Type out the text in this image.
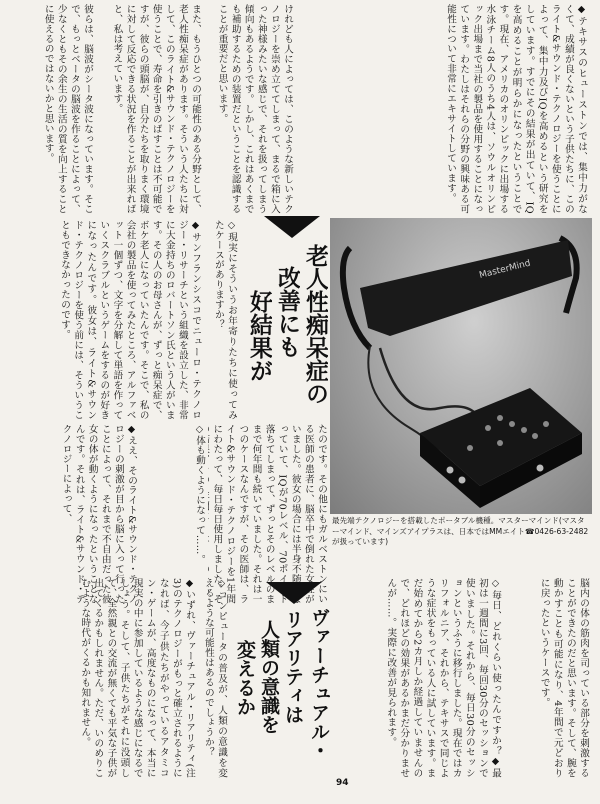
◆テキサスのヒューストンでは、集中力がなくて、成績が良くないという子供たちに、このライト&サウンド・テクノロジーを使うことによって、集中力及びIQを高めるという研究をしています。すでにその結果が出ていて、IQを高めることが明らかになったということです。現在、アメリカのオリンピックに出場する水泳チーム8人のうち4人は、ソウルオリンピック出場まで当社の製品を使用することになっています。わたしはそれらの分野の興味ある可能性について非常にエキサイトしています。
けれども人によっては、このような新しいテクノロジーを崇め立ててしまって、まるで箱に入った神様みたいな感じで、それを扱ってしまう傾向もあるようです。しかし、これはあくまでも補助するための装置だということを認識することが重要だと思います。
また、もうひとつの可能性のある分野として、老人性痴呆症があります。そういう人たちに対して、このライト&サウンド・テクノロジーを使うことで、寿命を引きのばすことは不可能ですが、彼らの頭脳が、自分たちを取りまく環境に対して反応できる状況を作ることが出来ればと、私は考えています。
彼らは、脳波がシータ波になっています。そこで、もっとベータの脳波を作ることによって、少なくともその余生の生活の質を向上することに使えるのではないかと思います。
老人性痴呆症の
改善にも
好結果が
◇現実にそういうお年寄りたちに使ってみたケースがありますか？
◆サンフランシスコでニューロ・テクノロジー・リサーチという組織を設立した、非常に大金持ちのロバートソン氏という人がいます。その人のお母さんが、ずっと痴呆症で、ボケ老人になっていたんです。そこで、私の会社の製品を使ってみたところ、アルファベット一個ずつ、文字を分解して単語を作っていくスクラブルというゲームをするのが好きになったんです。彼女は、ライト&サウンド・テクノロジーを使う前には、そういうこともできなかったのです。	MasterMind
最先端テクノロジーを搭載したポータブル機種。マスターマインド(マスターマインド、マインズアイプラスは、日本ではMMエイト☎0426-63-2482が扱っています)
たのです。その他にもガルベストンにいる医師の患者に、脳卒中で倒れた女性がいました。彼女の場合には半身不随になっていて、IQが70レベル、70ポイント落ちてしまって、ずっとそのレベルのままで何年間も続いていました。それは一つのケースなんですが、その医師は、ライト&サウンド・テクノロジーを1年間にわたって、毎日毎日使用しました。そ
◇体も動くようになって……。
◆ええ、そのライト&サウンド・テクノロジーの刺激が目から脳に入って行ったことによって、それまで不自由だった彼女の体が動くようになったということなんです。それは、ライト&サウンド・テクノロジーによって、
脳内の体の筋肉を司っている部分を刺激することができたのだと思います。そして、腕を動かすことも可能になり、4年間で元どおりに戻ったというケースです。
◇毎日、どれくらい使ったんですか？◆最初は一週間に3回、毎回30分のセッションで使いました。それから、毎日30分のセッションというふうに移行しました。現在ではカリフォルニア、それから、テキサスで同じような症状をもっている人に試しています。まだ始めてから2カ月しか経過していませんので、どれほどの効果があるかまだ分かりませんが……。実際に改善が見られます。
ヴァーチュアル・
リアリティは
人類の意識を
変えるか
◇コンピュータの普及が、人類の意識を変えるような可能性はあるのでしょうか？
◆いずれ、ヴァーチュアル・リアリティ(注3)のテクノロジーがもっと確立されるようになれば、今子供たちがやっているアタミコン・ゲームが、高度なものになって、本当に現実の中に参加しているような感じになるでしょう。そして、子供たちがそれに没頭して、全然親との交流が無くても平気な子供が出てくるかもしれません。ただ、いのめりこむような時代がくるかも知れません。
94
